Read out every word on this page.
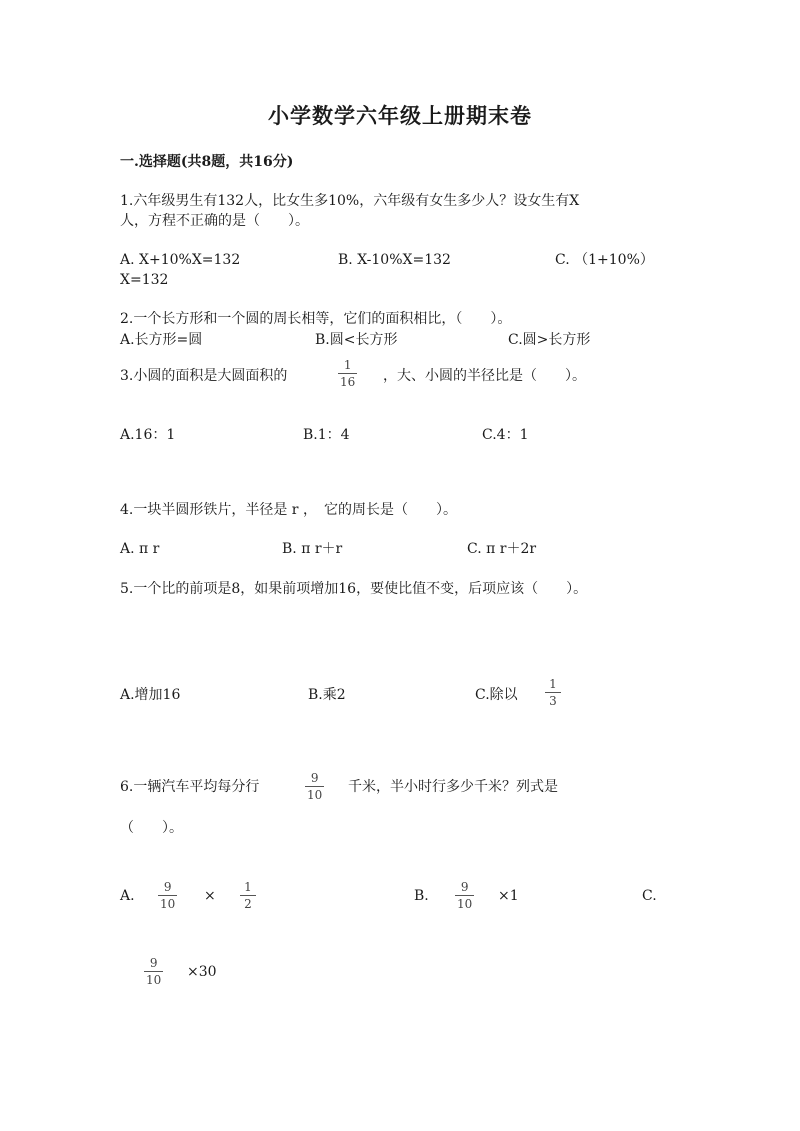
小学数学六年级上册期末卷
一.选择题(共8题，共16分)
1.六年级男生有132人，比女生多10%，六年级有女生多少人？设女生有X
人，方程不正确的是（　　）。
A. X+10%X=132	B. X-10%X=132	C. （1+10%）
X=132
2.一个长方形和一个圆的周长相等，它们的面积相比，（　　）。
A.长方形=圆	B.圆<长方形	C.圆>长方形
3.小圆的面积是大圆面积的
1
16 ，大、小圆的半径比是（　　）。
A.16：1	B.1：4	C.4：1
4.一块半圆形铁片，半径是 r ，　它的周长是（　　）。
A. π r	B. π r＋r	C. π r＋2r
5.一个比的前项是8，如果前项增加16，要使比值不变，后项应该（　　）。
A.增加16	B.乘2	C.除以
1
3
6.一辆汽车平均每分行
9
10 千米，半小时行多少千米？列式是
（　　）。
A.
9
10 ×
1
2	B.
9
10 ×1	C.
9
10 ×30
